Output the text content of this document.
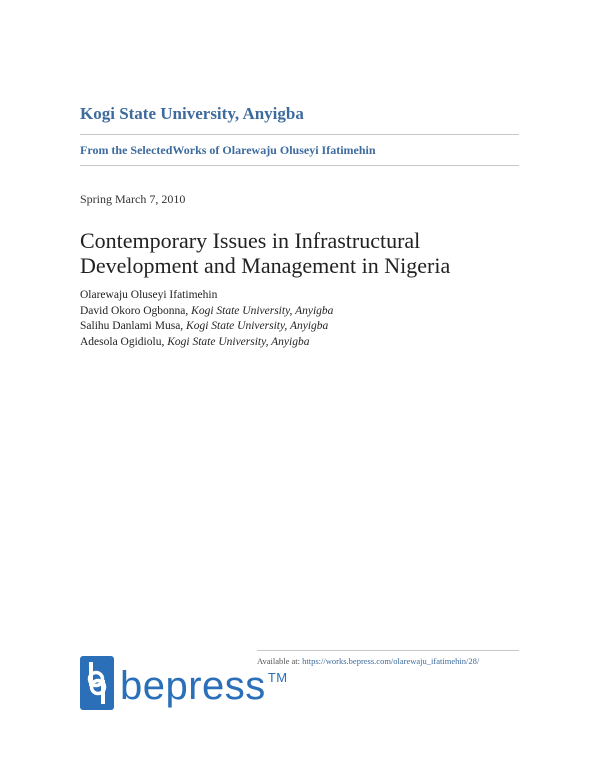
Kogi State University, Anyigba
From the SelectedWorks of Olarewaju Oluseyi Ifatimehin
Spring March 7, 2010
Contemporary Issues in Infrastructural
Development and Management in Nigeria
Olarewaju Oluseyi Ifatimehin
David Okoro Ogbonna, Kogi State University, Anyigba
Salihu Danlami Musa, Kogi State University, Anyigba
Adesola Ogidiolu, Kogi State University, Anyigba
Available at: https://works.bepress.com/olarewaju_ifatimehin/28/
bepress ™
